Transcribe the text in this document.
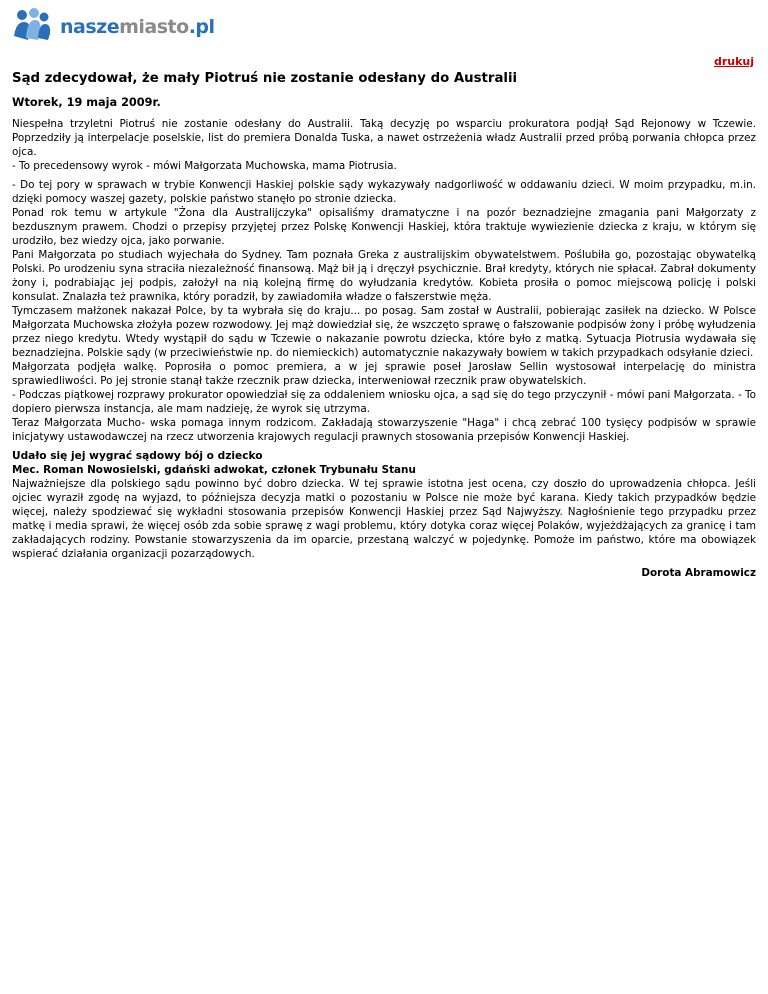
naszemiasto.pl
drukuj
Sąd zdecydował, że mały Piotruś nie zostanie odesłany do Australii
Wtorek, 19 maja 2009r.

Niespełna trzyletni Piotruś nie zostanie odesłany do Australii. Taką decyzję po wsparciu prokuratora podjął Sąd Rejonowy w Tczewie. Poprzedziły ją interpelacje poselskie, list do premiera Donalda Tuska, a nawet ostrzeżenia władz Australii przed próbą porwania chłopca przez ojca.
- To precedensowy wyrok - mówi Małgorzata Muchowska, mama Piotrusia.

- Do tej pory w sprawach w trybie Konwencji Haskiej polskie sądy wykazywały nadgorliwość w oddawaniu dzieci. W moim przypadku, m.in. dzięki pomocy waszej gazety, polskie państwo stanęło po stronie dziecka.
Ponad rok temu w artykule "Żona dla Australijczyka" opisaliśmy dramatyczne i na pozór beznadziejne zmagania pani Małgorzaty z bezdusznym prawem. Chodzi o przepisy przyjętej przez Polskę Konwencji Haskiej, która traktuje wywiezienie dziecka z kraju, w którym się urodziło, bez wiedzy ojca, jako porwanie.
Pani Małgorzata po studiach wyjechała do Sydney. Tam poznała Greka z australijskim obywatelstwem. Poślubiła go, pozostając obywatelką Polski. Po urodzeniu syna straciła niezależność finansową. Mąż bił ją i dręczył psychicznie. Brał kredyty, których nie spłacał. Zabrał dokumenty żony i, podrabiając jej podpis, założył na nią kolejną firmę do wyłudzania kredytów. Kobieta prosiła o pomoc miejscową policję i polski konsulat. Znalazła też prawnika, który poradził, by zawiadomiła władze o fałszerstwie męża.
Tymczasem małżonek nakazał Polce, by ta wybrała się do kraju... po posag. Sam został w Australii, pobierając zasiłek na dziecko. W Polsce Małgorzata Muchowska złożyła pozew rozwodowy. Jej mąż dowiedział się, że wszczęto sprawę o fałszowanie podpisów żony i próbę wyłudzenia przez niego kredytu. Wtedy wystąpił do sądu w Tczewie o nakazanie powrotu dziecka, które było z matką. Sytuacja Piotrusia wydawała się beznadziejna. Polskie sądy (w przeciwieństwie np. do niemieckich) automatycznie nakazywały bowiem w takich przypadkach odsyłanie dzieci.
Małgorzata podjęła walkę. Poprosiła o pomoc premiera, a w jej sprawie poseł Jarosław Sellin wystosował interpelację do ministra sprawiedliwości. Po jej stronie stanął także rzecznik praw dziecka, interweniował rzecznik praw obywatelskich.
- Podczas piątkowej rozprawy prokurator opowiedział się za oddaleniem wniosku ojca, a sąd się do tego przyczynił - mówi pani Małgorzata. - To dopiero pierwsza instancja, ale mam nadzieję, że wyrok się utrzyma.
Teraz Małgorzata Mucho- wska pomaga innym rodzicom. Zakładają stowarzyszenie "Haga" i chcą zebrać 100 tysięcy podpisów w sprawie inicjatywy ustawodawczej na rzecz utworzenia krajowych regulacji prawnych stosowania przepisów Konwencji Haskiej.

Udało się jej wygrać sądowy bój o dziecko
Mec. Roman Nowosielski, gdański adwokat, członek Trybunału Stanu

Najważniejsze dla polskiego sądu powinno być dobro dziecka. W tej sprawie istotna jest ocena, czy doszło do uprowadzenia chłopca. Jeśli ojciec wyraził zgodę na wyjazd, to późniejsza decyzja matki o pozostaniu w Polsce nie może być karana. Kiedy takich przypadków będzie więcej, należy spodziewać się wykładni stosowania przepisów Konwencji Haskiej przez Sąd Najwyższy. Nagłośnienie tego przypadku przez matkę i media sprawi, że więcej osób zda sobie sprawę z wagi problemu, który dotyka coraz więcej Polaków, wyjeżdżających za granicę i tam zakładających rodziny. Powstanie stowarzyszenia da im oparcie, przestaną walczyć w pojedynkę. Pomoże im państwo, które ma obowiązek wspierać działania organizacji pozarządowych.

Dorota Abramowicz
